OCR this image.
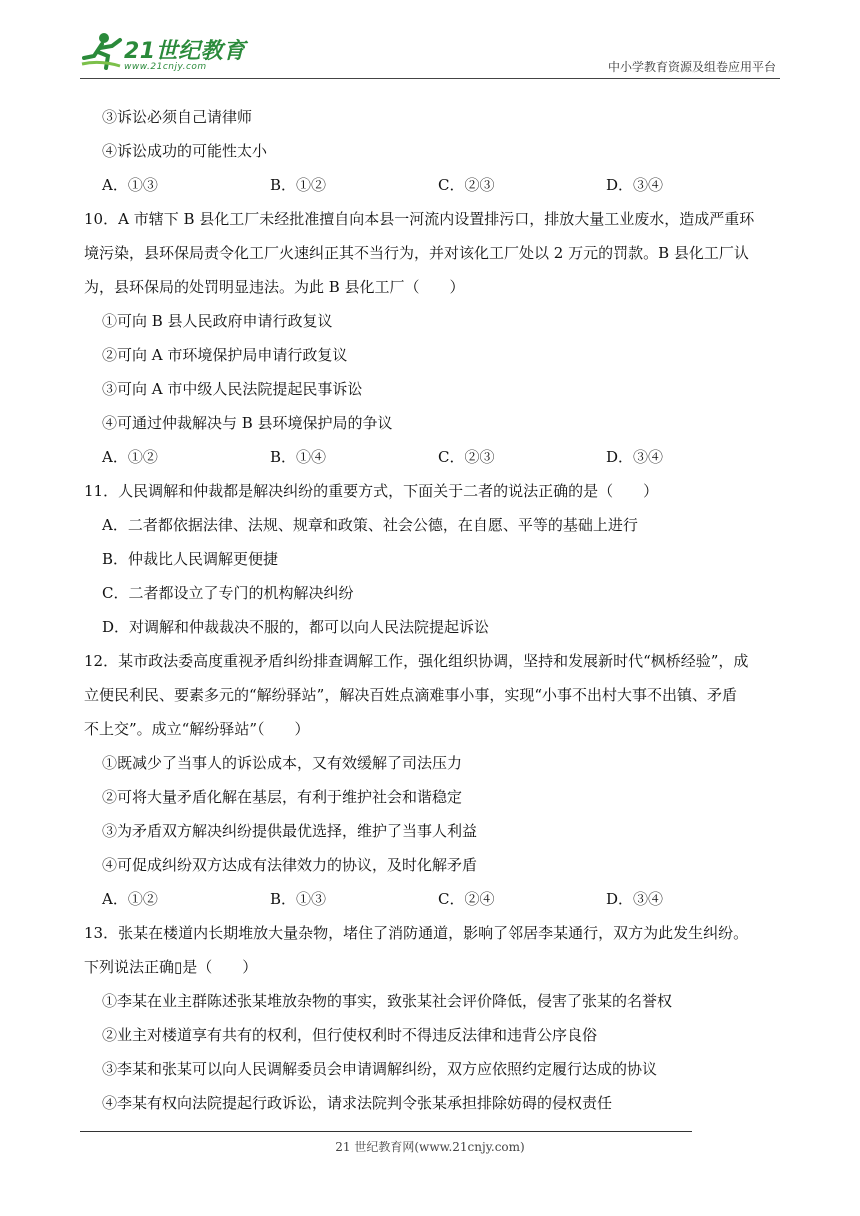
21世纪教育
www.21cnjy.com	中小学教育资源及组卷应用平台
③诉讼必须自己请律师
④诉讼成功的可能性太小
A．①③	B．①②	C．②③	D．③④
10．A 市辖下 B 县化工厂未经批准擅自向本县一河流内设置排污口，排放大量工业废水，造成严重环
境污染，县环保局责令化工厂火速纠正其不当行为，并对该化工厂处以 2 万元的罚款。B 县化工厂认
为，县环保局的处罚明显违法。为此 B 县化工厂（　　）
①可向 B 县人民政府申请行政复议
②可向 A 市环境保护局申请行政复议
③可向 A 市中级人民法院提起民事诉讼
④可通过仲裁解决与 B 县环境保护局的争议
A．①②	B．①④	C．②③	D．③④
11．人民调解和仲裁都是解决纠纷的重要方式，下面关于二者的说法正确的是（　　）
A．二者都依据法律、法规、规章和政策、社会公德，在自愿、平等的基础上进行
B．仲裁比人民调解更便捷
C．二者都设立了专门的机构解决纠纷
D．对调解和仲裁裁决不服的，都可以向人民法院提起诉讼
12．某市政法委高度重视矛盾纠纷排查调解工作，强化组织协调，坚持和发展新时代“枫桥经验”，成
立便民利民、要素多元的“解纷驿站”，解决百姓点滴难事小事，实现“小事不出村大事不出镇、矛盾
不上交”。成立“解纷驿站”（　　）
①既减少了当事人的诉讼成本，又有效缓解了司法压力
②可将大量矛盾化解在基层，有利于维护社会和谐稳定
③为矛盾双方解决纠纷提供最优选择，维护了当事人利益
④可促成纠纷双方达成有法律效力的协议，及时化解矛盾
A．①②	B．①③	C．②④	D．③④
13．张某在楼道内长期堆放大量杂物，堵住了消防通道，影响了邻居李某通行，双方为此发生纠纷。
下列说法正确▯是（　　）
①李某在业主群陈述张某堆放杂物的事实，致张某社会评价降低，侵害了张某的名誉权
②业主对楼道享有共有的权利，但行使权利时不得违反法律和违背公序良俗
③李某和张某可以向人民调解委员会申请调解纠纷，双方应依照约定履行达成的协议
④李某有权向法院提起行政诉讼，请求法院判令张某承担排除妨碍的侵权责任
21 世纪教育网(www.21cnjy.com)
